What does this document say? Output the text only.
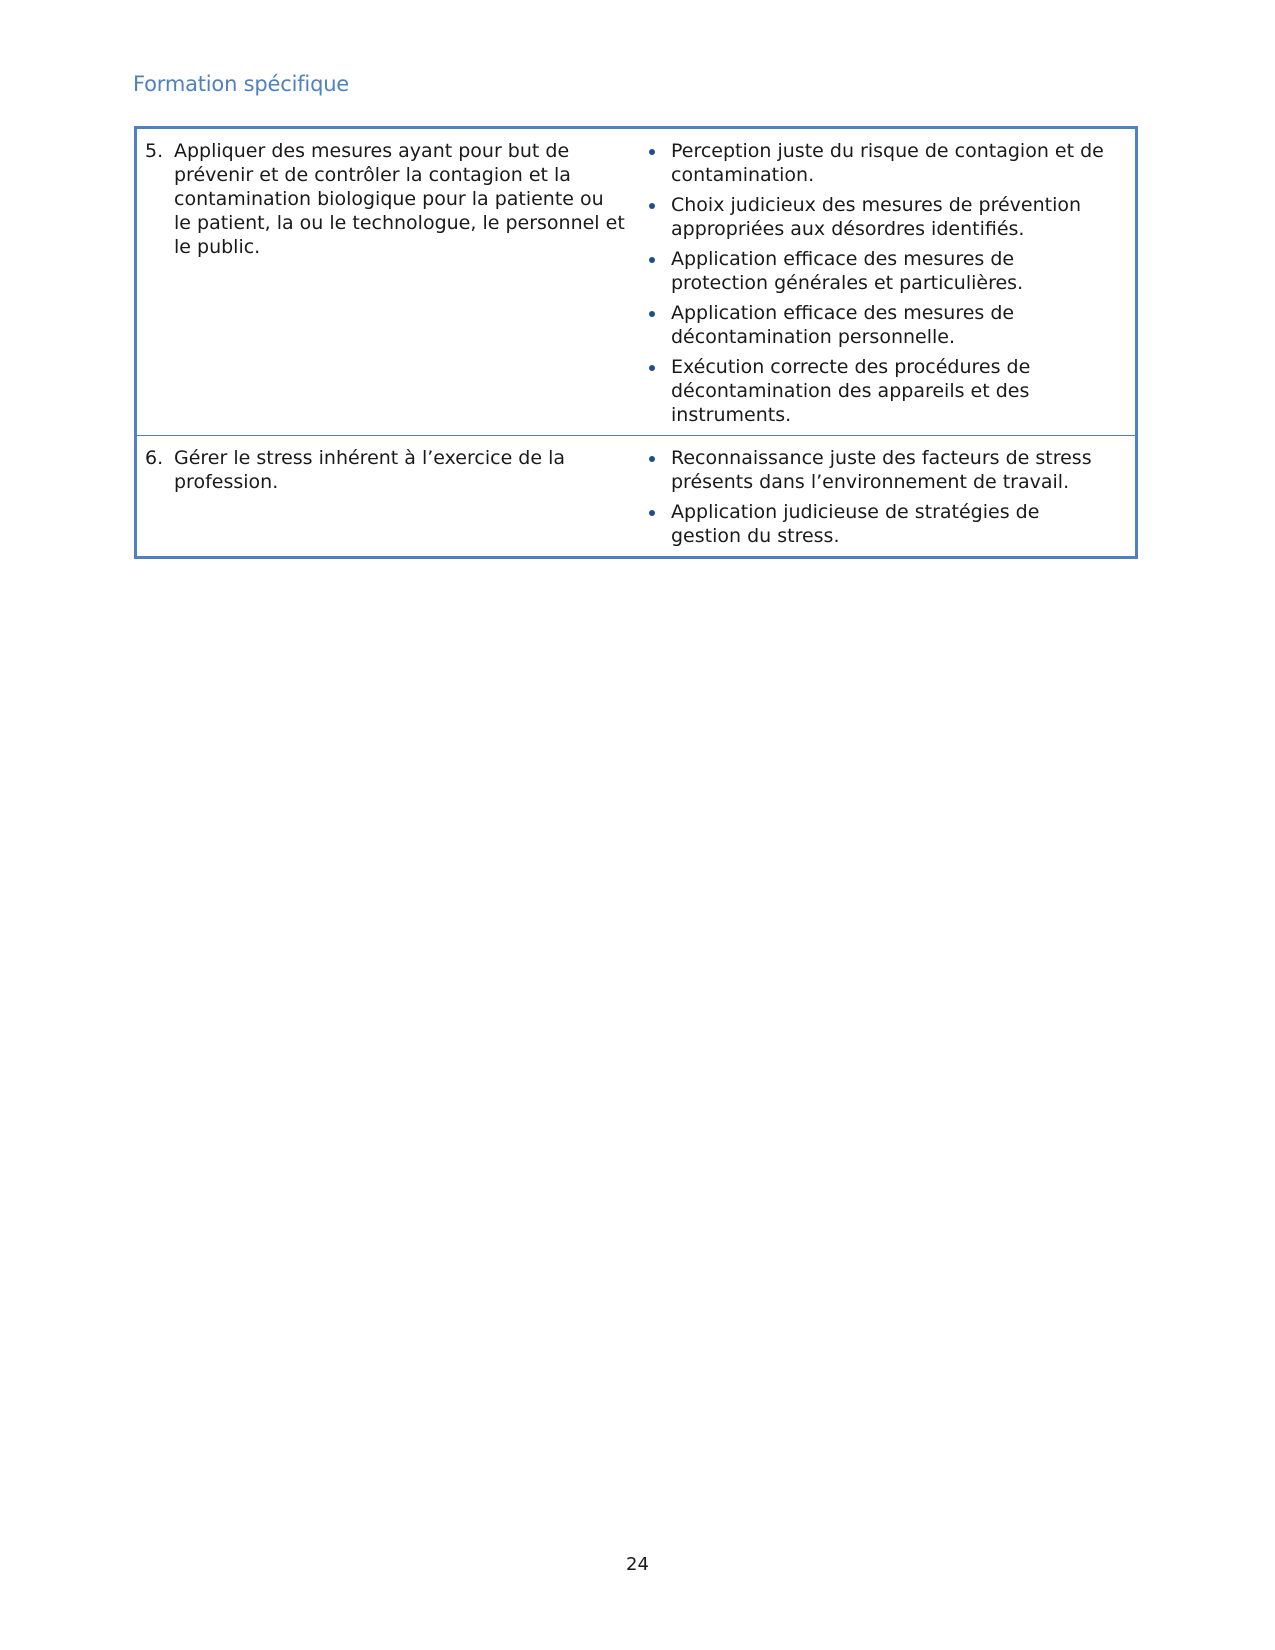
Formation spécifique
5. Appliquer des mesures ayant pour but de prévenir et de contrôler la contagion et la contamination biologique pour la patiente ou le patient, la ou le technologue, le personnel et le public.
Perception juste du risque de contagion et de contamination.
Choix judicieux des mesures de prévention appropriées aux désordres identifiés.
Application efficace des mesures de protection générales et particulières.
Application efficace des mesures de décontamination personnelle.
Exécution correcte des procédures de décontamination des appareils et des instruments.
6. Gérer le stress inhérent à l’exercice de la profession.
Reconnaissance juste des facteurs de stress présents dans l’environnement de travail.
Application judicieuse de stratégies de gestion du stress.
24
